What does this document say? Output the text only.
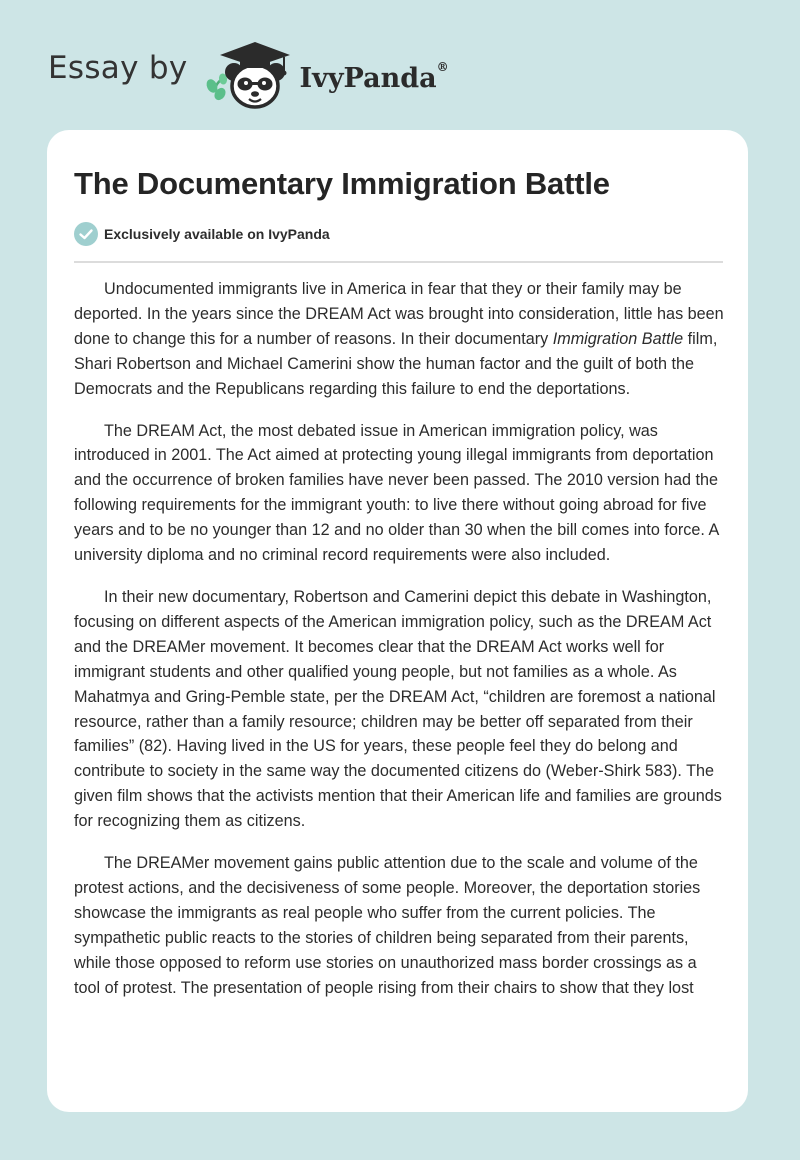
Essay by	IvyPanda®
The Documentary Immigration Battle
Exclusively available on IvyPanda

Undocumented immigrants live in America in fear that they or their family may be deported. In the years since the DREAM Act was brought into consideration, little has been done to change this for a number of reasons. In their documentary Immigration Battle film, Shari Robertson and Michael Camerini show the human factor and the guilt of both the Democrats and the Republicans regarding this failure to end the deportations.

The DREAM Act, the most debated issue in American immigration policy, was introduced in 2001. The Act aimed at protecting young illegal immigrants from deportation and the occurrence of broken families have never been passed. The 2010 version had the following requirements for the immigrant youth: to live there without going abroad for five years and to be no younger than 12 and no older than 30 when the bill comes into force. A university diploma and no criminal record requirements were also included.

In their new documentary, Robertson and Camerini depict this debate in Washington, focusing on different aspects of the American immigration policy, such as the DREAM Act and the DREAMer movement. It becomes clear that the DREAM Act works well for immigrant students and other qualified young people, but not families as a whole. As Mahatmya and Gring-Pemble state, per the DREAM Act, “children are foremost a national resource, rather than a family resource; children may be better off separated from their families” (82). Having lived in the US for years, these people feel they do belong and contribute to society in the same way the documented citizens do (Weber-Shirk 583). The given film shows that the activists mention that their American life and families are grounds for recognizing them as citizens.

The DREAMer movement gains public attention due to the scale and volume of the protest actions, and the decisiveness of some people. Moreover, the deportation stories showcase the immigrants as real people who suffer from the current policies. The sympathetic public reacts to the stories of children being separated from their parents, while those opposed to reform use stories on unauthorized mass border crossings as a tool of protest. The presentation of people rising from their chairs to show that they lost
